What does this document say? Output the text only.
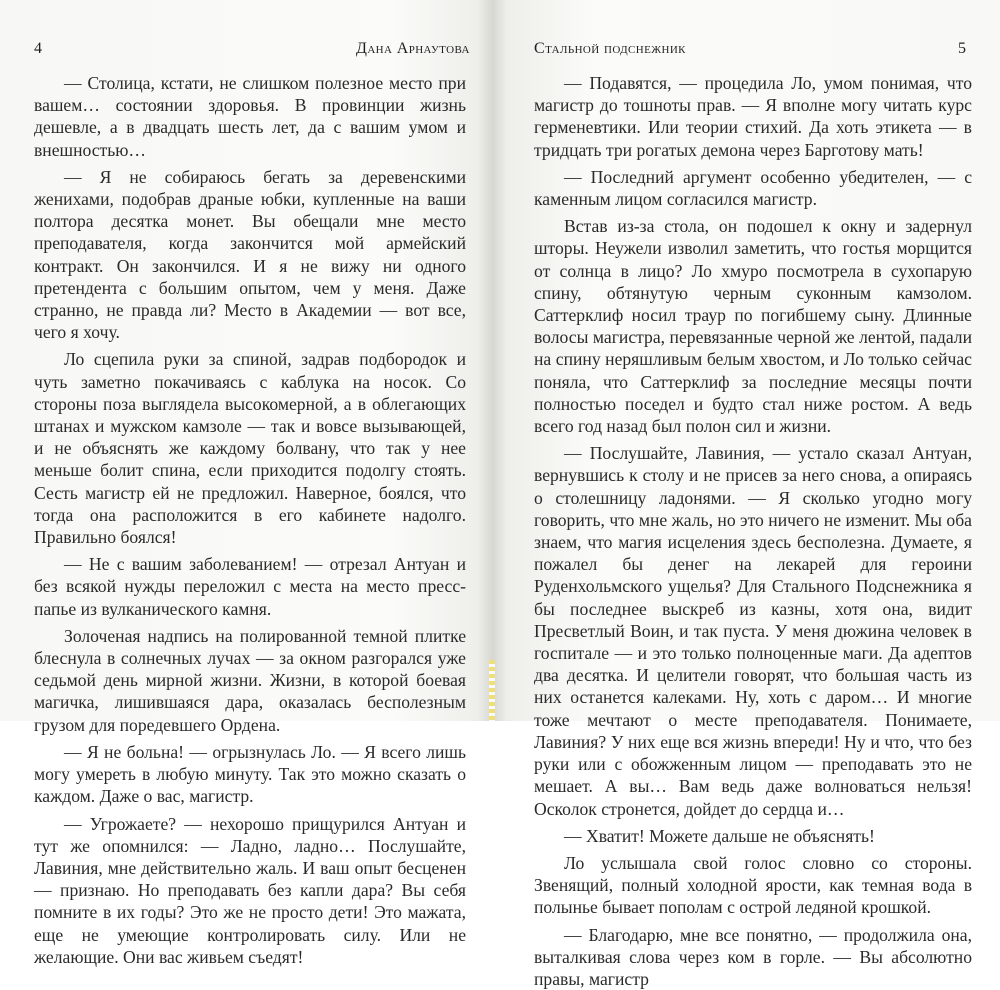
4	Дана Арнаутова

— Столица, кстати, не слишком полезное место при вашем… состоянии здоровья. В провинции жизнь дешевле, а в двадцать шесть лет, да с вашим умом и внешностью…

— Я не собираюсь бегать за деревенскими женихами, подобрав драные юбки, купленные на ваши полтора десятка монет. Вы обещали мне место преподавателя, когда закончится мой армейский контракт. Он закончился. И я не вижу ни одного претендента с большим опытом, чем у меня. Даже странно, не правда ли? Место в Академии — вот все, чего я хочу.

Ло сцепила руки за спиной, задрав подбородок и чуть заметно покачиваясь с каблука на носок. Со стороны поза выглядела высокомерной, а в облегающих штанах и мужском камзоле — так и вовсе вызывающей, и не объяснять же каждому болвану, что так у нее меньше болит спина, если приходится подолгу стоять. Сесть магистр ей не предложил. Наверное, боялся, что тогда она расположится в его кабинете надолго. Правильно боялся!

— Не с вашим заболеванием! — отрезал Антуан и без всякой нужды переложил с места на место пресс-папье из вулканического камня.

Золоченая надпись на полированной темной плитке блеснула в солнечных лучах — за окном разгорался уже седьмой день мирной жизни. Жизни, в которой боевая магичка, лишившаяся дара, оказалась бесполезным грузом для поредевшего Ордена.

— Я не больна! — огрызнулась Ло. — Я всего лишь могу умереть в любую минуту. Так это можно сказать о каждом. Даже о вас, магистр.

— Угрожаете? — нехорошо прищурился Антуан и тут же опомнился: — Ладно, ладно… Послушайте, Лавиния, мне действительно жаль. И ваш опыт бесценен — признаю. Но преподавать без капли дара? Вы себя помните в их годы? Это же не просто дети! Это мажата, еще не умеющие контролировать силу. Или не желающие. Они вас живьем съедят!

Стальной подснежник	5

— Подавятся, — процедила Ло, умом понимая, что магистр до тошноты прав. — Я вполне могу читать курс герменевтики. Или теории стихий. Да хоть этикета — в тридцать три рогатых демона через Барготову мать!

— Последний аргумент особенно убедителен, — с каменным лицом согласился магистр.

Встав из-за стола, он подошел к окну и задернул шторы. Неужели изволил заметить, что гостья морщится от солнца в лицо? Ло хмуро посмотрела в сухопарую спину, обтянутую черным суконным камзолом. Саттерклиф носил траур по погибшему сыну. Длинные волосы магистра, перевязанные черной же лентой, падали на спину неряшливым белым хвостом, и Ло только сейчас поняла, что Саттерклиф за последние месяцы почти полностью поседел и будто стал ниже ростом. А ведь всего год назад был полон сил и жизни.

— Послушайте, Лавиния, — устало сказал Антуан, вернувшись к столу и не присев за него снова, а опираясь о столешницу ладонями. — Я сколько угодно могу говорить, что мне жаль, но это ничего не изменит. Мы оба знаем, что магия исцеления здесь бесполезна. Думаете, я пожалел бы денег на лекарей для героини Руденхольмского ущелья? Для Стального Подснежника я бы последнее выскреб из казны, хотя она, видит Пресветлый Воин, и так пуста. У меня дюжина человек в госпитале — и это только полноценные маги. Да адептов два десятка. И целители говорят, что большая часть из них останется калеками. Ну, хоть с даром… И многие тоже мечтают о месте преподавателя. Понимаете, Лавиния? У них еще вся жизнь впереди! Ну и что, что без руки или с обожженным лицом — преподавать это не мешает. А вы… Вам ведь даже волноваться нельзя! Осколок стронется, дойдет до сердца и…

— Хватит! Можете дальше не объяснять!

Ло услышала свой голос словно со стороны. Звенящий, полный холодной ярости, как темная вода в полынье бывает пополам с острой ледяной крошкой.

— Благодарю, мне все понятно, — продолжила она, выталкивая слова через ком в горле. — Вы абсолютно правы, магистр
